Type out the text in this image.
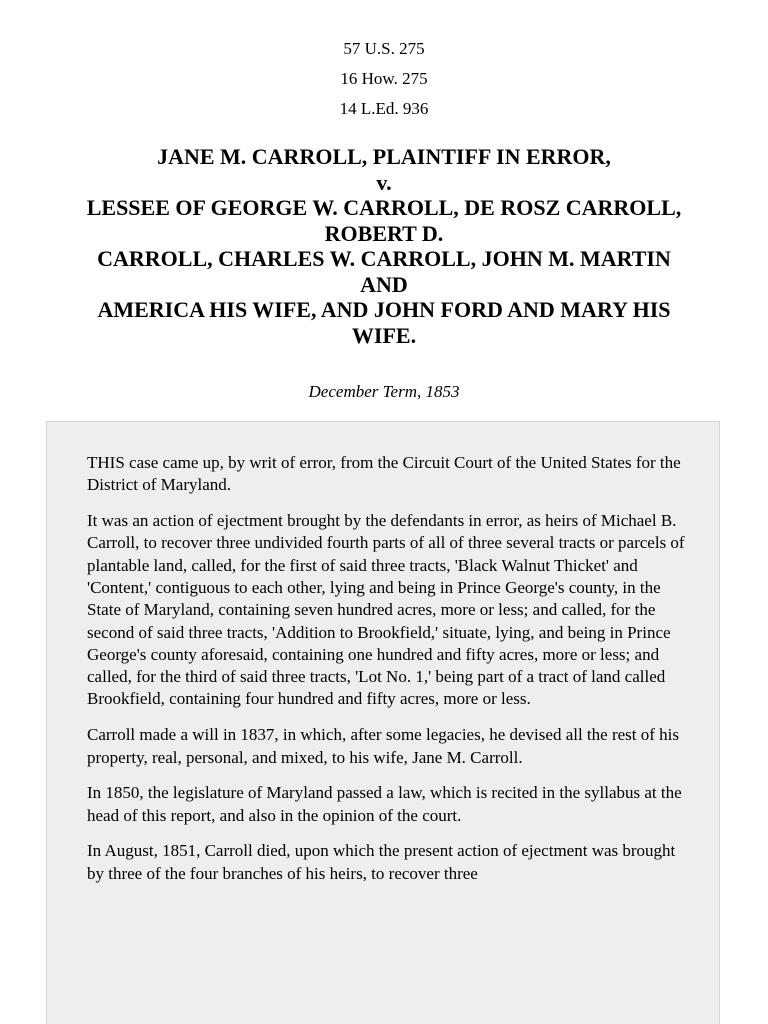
57 U.S. 275
16 How. 275
14 L.Ed. 936
JANE M. CARROLL, PLAINTIFF IN ERROR,
v.
LESSEE OF GEORGE W. CARROLL, DE ROSZ CARROLL,
ROBERT D.
CARROLL, CHARLES W. CARROLL, JOHN M. MARTIN
AND
AMERICA HIS WIFE, AND JOHN FORD AND MARY HIS
WIFE.
December Term, 1853

THIS case came up, by writ of error, from the Circuit Court of the United States for the District of Maryland.

It was an action of ejectment brought by the defendants in error, as heirs of Michael B. Carroll, to recover three undivided fourth parts of all of three several tracts or parcels of plantable land, called, for the first of said three tracts, 'Black Walnut Thicket' and 'Content,' contiguous to each other, lying and being in Prince George's county, in the State of Maryland, containing seven hundred acres, more or less; and called, for the second of said three tracts, 'Addition to Brookfield,' situate, lying, and being in Prince George's county aforesaid, containing one hundred and fifty acres, more or less; and called, for the third of said three tracts, 'Lot No. 1,' being part of a tract of land called Brookfield, containing four hundred and fifty acres, more or less.

Carroll made a will in 1837, in which, after some legacies, he devised all the rest of his property, real, personal, and mixed, to his wife, Jane M. Carroll.

In 1850, the legislature of Maryland passed a law, which is recited in the syllabus at the head of this report, and also in the opinion of the court.

In August, 1851, Carroll died, upon which the present action of ejectment was brought by three of the four branches of his heirs, to recover three
